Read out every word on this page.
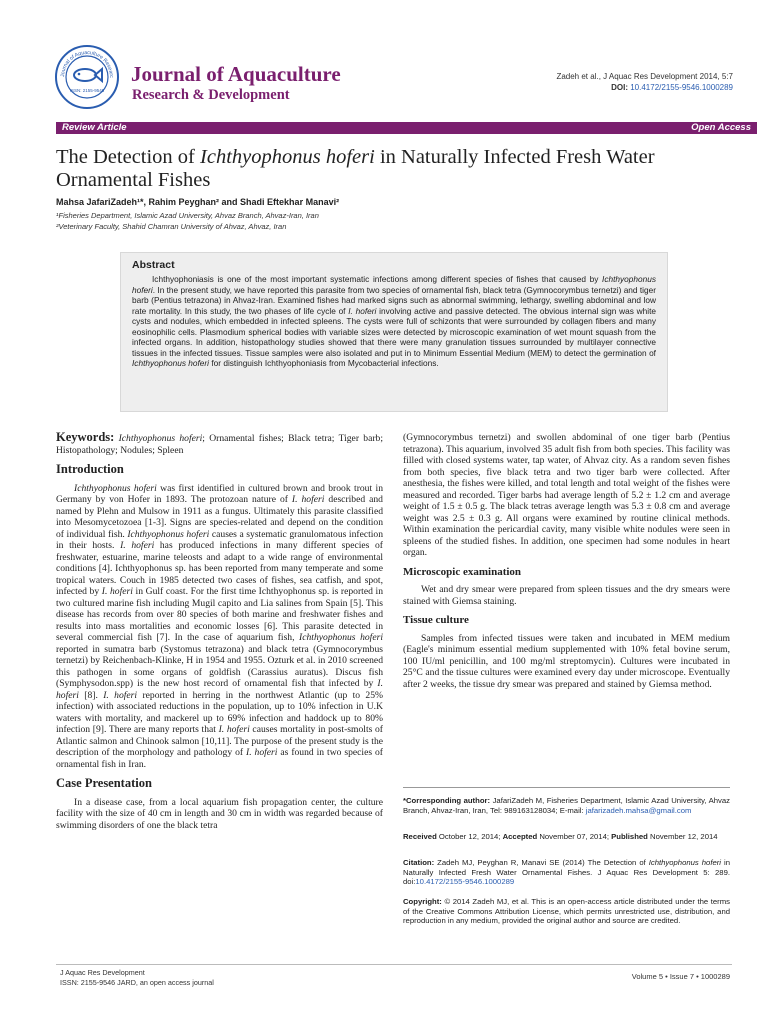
Journal of Aquaculture Researc
ISSN: 2155-9546
Journal of Aquaculture
Research & Development
Zadeh et al., J Aquac Res Development 2014, 5:7
DOI: 10.4172/2155-9546.1000289
Review Article	Open Access
The Detection of Ichthyophonus hoferi in Naturally Infected Fresh Water Ornamental Fishes
Mahsa JafariZadeh¹*, Rahim Peyghan² and Shadi Eftekhar Manavi²
¹Fisheries Department, Islamic Azad University, Ahvaz Branch, Ahvaz-Iran, Iran
²Veterinary Faculty, Shahid Chamran University of Ahvaz, Ahvaz, Iran
Abstract

Ichthyophoniasis is one of the most important systematic infections among different species of fishes that caused by Ichthyophonus hoferi. In the present study, we have reported this parasite from two species of ornamental fish, black tetra (Gymnocorymbus ternetzi) and tiger barb (Pentius tetrazona) in Ahvaz-Iran. Examined fishes had marked signs such as abnormal swimming, lethargy, swelling abdominal and low rate mortality. In this study, the two phases of life cycle of I. hoferi involving active and passive detected. The obvious internal sign was white cysts and nodules, which embedded in infected spleens. The cysts were full of schizonts that were surrounded by collagen fibers and many eosinophilic cells. Plasmodium spherical bodies with variable sizes were detected by microscopic examination of wet mount squash from the infected organs. In addition, histopathology studies showed that there were many granulation tissues surrounded by multilayer connective tissues in the infected tissues. Tissue samples were also isolated and put in to Minimum Essential Medium (MEM) to detect the germination of Ichthyophonus hoferi for distinguish Ichthyophoniasis from Mycobacterial infections.

Keywords: Ichthyophonus hoferi; Ornamental fishes; Black tetra; Tiger barb; Histopathology; Nodules; Spleen

Introduction

Ichthyophonus hoferi was first identified in cultured brown and brook trout in Germany by von Hofer in 1893. The protozoan nature of I. hoferi described and named by Plehn and Mulsow in 1911 as a fungus. Ultimately this parasite classified into Mesomycetozoea [1-3]. Signs are species-related and depend on the condition of individual fish. Ichthyophonus hoferi causes a systematic granulomatous infection in their hosts. I. hoferi has produced infections in many different species of freshwater, estuarine, marine teleosts and adapt to a wide range of environmental conditions [4]. Ichthyophonus sp. has been reported from many temperate and some tropical waters. Couch in 1985 detected two cases of fishes, sea catfish, and spot, infected by I. hoferi in Gulf coast. For the first time Ichthyophonus sp. is reported in two cultured marine fish including Mugil capito and Lia salines from Spain [5]. This disease has records from over 80 species of both marine and freshwater fishes and results into mass mortalities and economic losses [6]. This parasite detected in several commercial fish [7]. In the case of aquarium fish, Ichthyophonus hoferi reported in sumatra barb (Systomus tetrazona) and black tetra (Gymnocorymbus ternetzi) by Reichenbach-Klinke, H in 1954 and 1955. Ozturk et al. in 2010 screened this pathogen in some organs of goldfish (Carassius auratus). Discus fish (Symphysodon.spp) is the new host record of ornamental fish that infected by I. hoferi [8]. I. hoferi reported in herring in the northwest Atlantic (up to 25% infection) with associated reductions in the population, up to 10% infection in U.K waters with mortality, and mackerel up to 69% infection and haddock up to 80% infection [9]. There are many reports that I. hoferi causes mortality in post-smolts of Atlantic salmon and Chinook salmon [10,11]. The purpose of the present study is the description of the morphology and pathology of I. hoferi as found in two species of ornamental fish in Iran.

Case Presentation

In a disease case, from a local aquarium fish propagation center, the culture facility with the size of 40 cm in length and 30 cm in width was regarded because of swimming disorders of one the black tetra

(Gymnocorymbus ternetzi) and swollen abdominal of one tiger barb (Pentius tetrazona). This aquarium, involved 35 adult fish from both species. This facility was filled with closed systems water, tap water, of Ahvaz city. As a random seven fishes from both species, five black tetra and two tiger barb were collected. After anesthesia, the fishes were killed, and total length and total weight of the fishes were measured and recorded. Tiger barbs had average length of 5.2 ± 1.2 cm and average weight of 1.5 ± 0.5 g. The black tetras average length was 5.3 ± 0.8 cm and average weight was 2.5 ± 0.3 g. All organs were examined by routine clinical methods. Within examination the pericardial cavity, many visible white nodules were seen in spleens of the studied fishes. In addition, one specimen had some nodules in heart organ.

Microscopic examination

Wet and dry smear were prepared from spleen tissues and the dry smears were stained with Giemsa staining.

Tissue culture

Samples from infected tissues were taken and incubated in MEM medium (Eagle's minimum essential medium supplemented with 10% fetal bovine serum, 100 IU/ml penicillin, and 100 mg/ml streptomycin). Cultures were incubated in 25°C and the tissue cultures were examined every day under microscope. Eventually after 2 weeks, the tissue dry smear was prepared and stained by Giemsa method.

*Corresponding author: JafariZadeh M, Fisheries Department, Islamic Azad University, Ahvaz Branch, Ahvaz-Iran, Iran, Tel: 989163128034; E-mail: jafarizadeh.mahsa@gmail.com
Received October 12, 2014; Accepted November 07, 2014; Published November 12, 2014
Citation: Zadeh MJ, Peyghan R, Manavi SE (2014) The Detection of Ichthyophonus hoferi in Naturally Infected Fresh Water Ornamental Fishes. J Aquac Res Development 5: 289. doi:10.4172/2155-9546.1000289
Copyright: © 2014 Zadeh MJ, et al. This is an open-access article distributed under the terms of the Creative Commons Attribution License, which permits unrestricted use, distribution, and reproduction in any medium, provided the original author and source are credited.
J Aquac Res Development
ISSN: 2155-9546 JARD, an open access journal
Volume 5 • Issue 7 • 1000289
